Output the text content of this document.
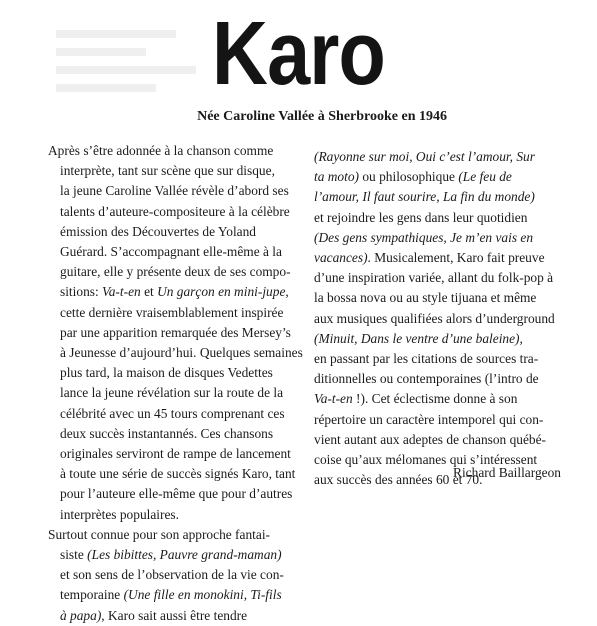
Karo
Née Caroline Vallée à Sherbrooke en 1946
Après s’être adonnée à la chanson comme
interprète, tant sur scène que sur disque,
la jeune Caroline Vallée révèle d’abord ses
talents d’auteure-compositeure à la célèbre
émission des Découvertes de Yoland
Guérard. S’accompagnant elle-même à la
guitare, elle y présente deux de ses compo-
sitions: Va-t-en et Un garçon en mini-jupe,
cette dernière vraisemblablement inspirée
par une apparition remarquée des Mersey’s
à Jeunesse d’aujourd’hui. Quelques semaines
plus tard, la maison de disques Vedettes
lance la jeune révélation sur la route de la
célébrité avec un 45 tours comprenant ces
deux succès instantannés. Ces chansons
originales serviront de rampe de lancement
à toute une série de succès signés Karo, tant
pour l’auteure elle-même que pour d’autres
interprètes populaires.
Surtout connue pour son approche fantai-
siste (Les bibittes, Pauvre grand-maman)
et son sens de l’observation de la vie con-
temporaine (Une fille en monokini, Ti-fils
à papa), Karo sait aussi être tendre
(Rayonne sur moi, Oui c’est l’amour, Sur
ta moto) ou philosophique (Le feu de
l’amour, Il faut sourire, La fin du monde)
et rejoindre les gens dans leur quotidien
(Des gens sympathiques, Je m’en vais en
vacances). Musicalement, Karo fait preuve
d’une inspiration variée, allant du folk-pop à
la bossa nova ou au style tijuana et même
aux musiques qualifiées alors d’underground
(Minuit, Dans le ventre d’une baleine),
en passant par les citations de sources tra-
ditionnelles ou contemporaines (l’intro de
Va-t-en !). Cet éclectisme donne à son
répertoire un caractère intemporel qui con-
vient autant aux adeptes de chanson québé-
coise qu’aux mélomanes qui s’intéressent
aux succès des années 60 et 70.
Richard Baillargeon
